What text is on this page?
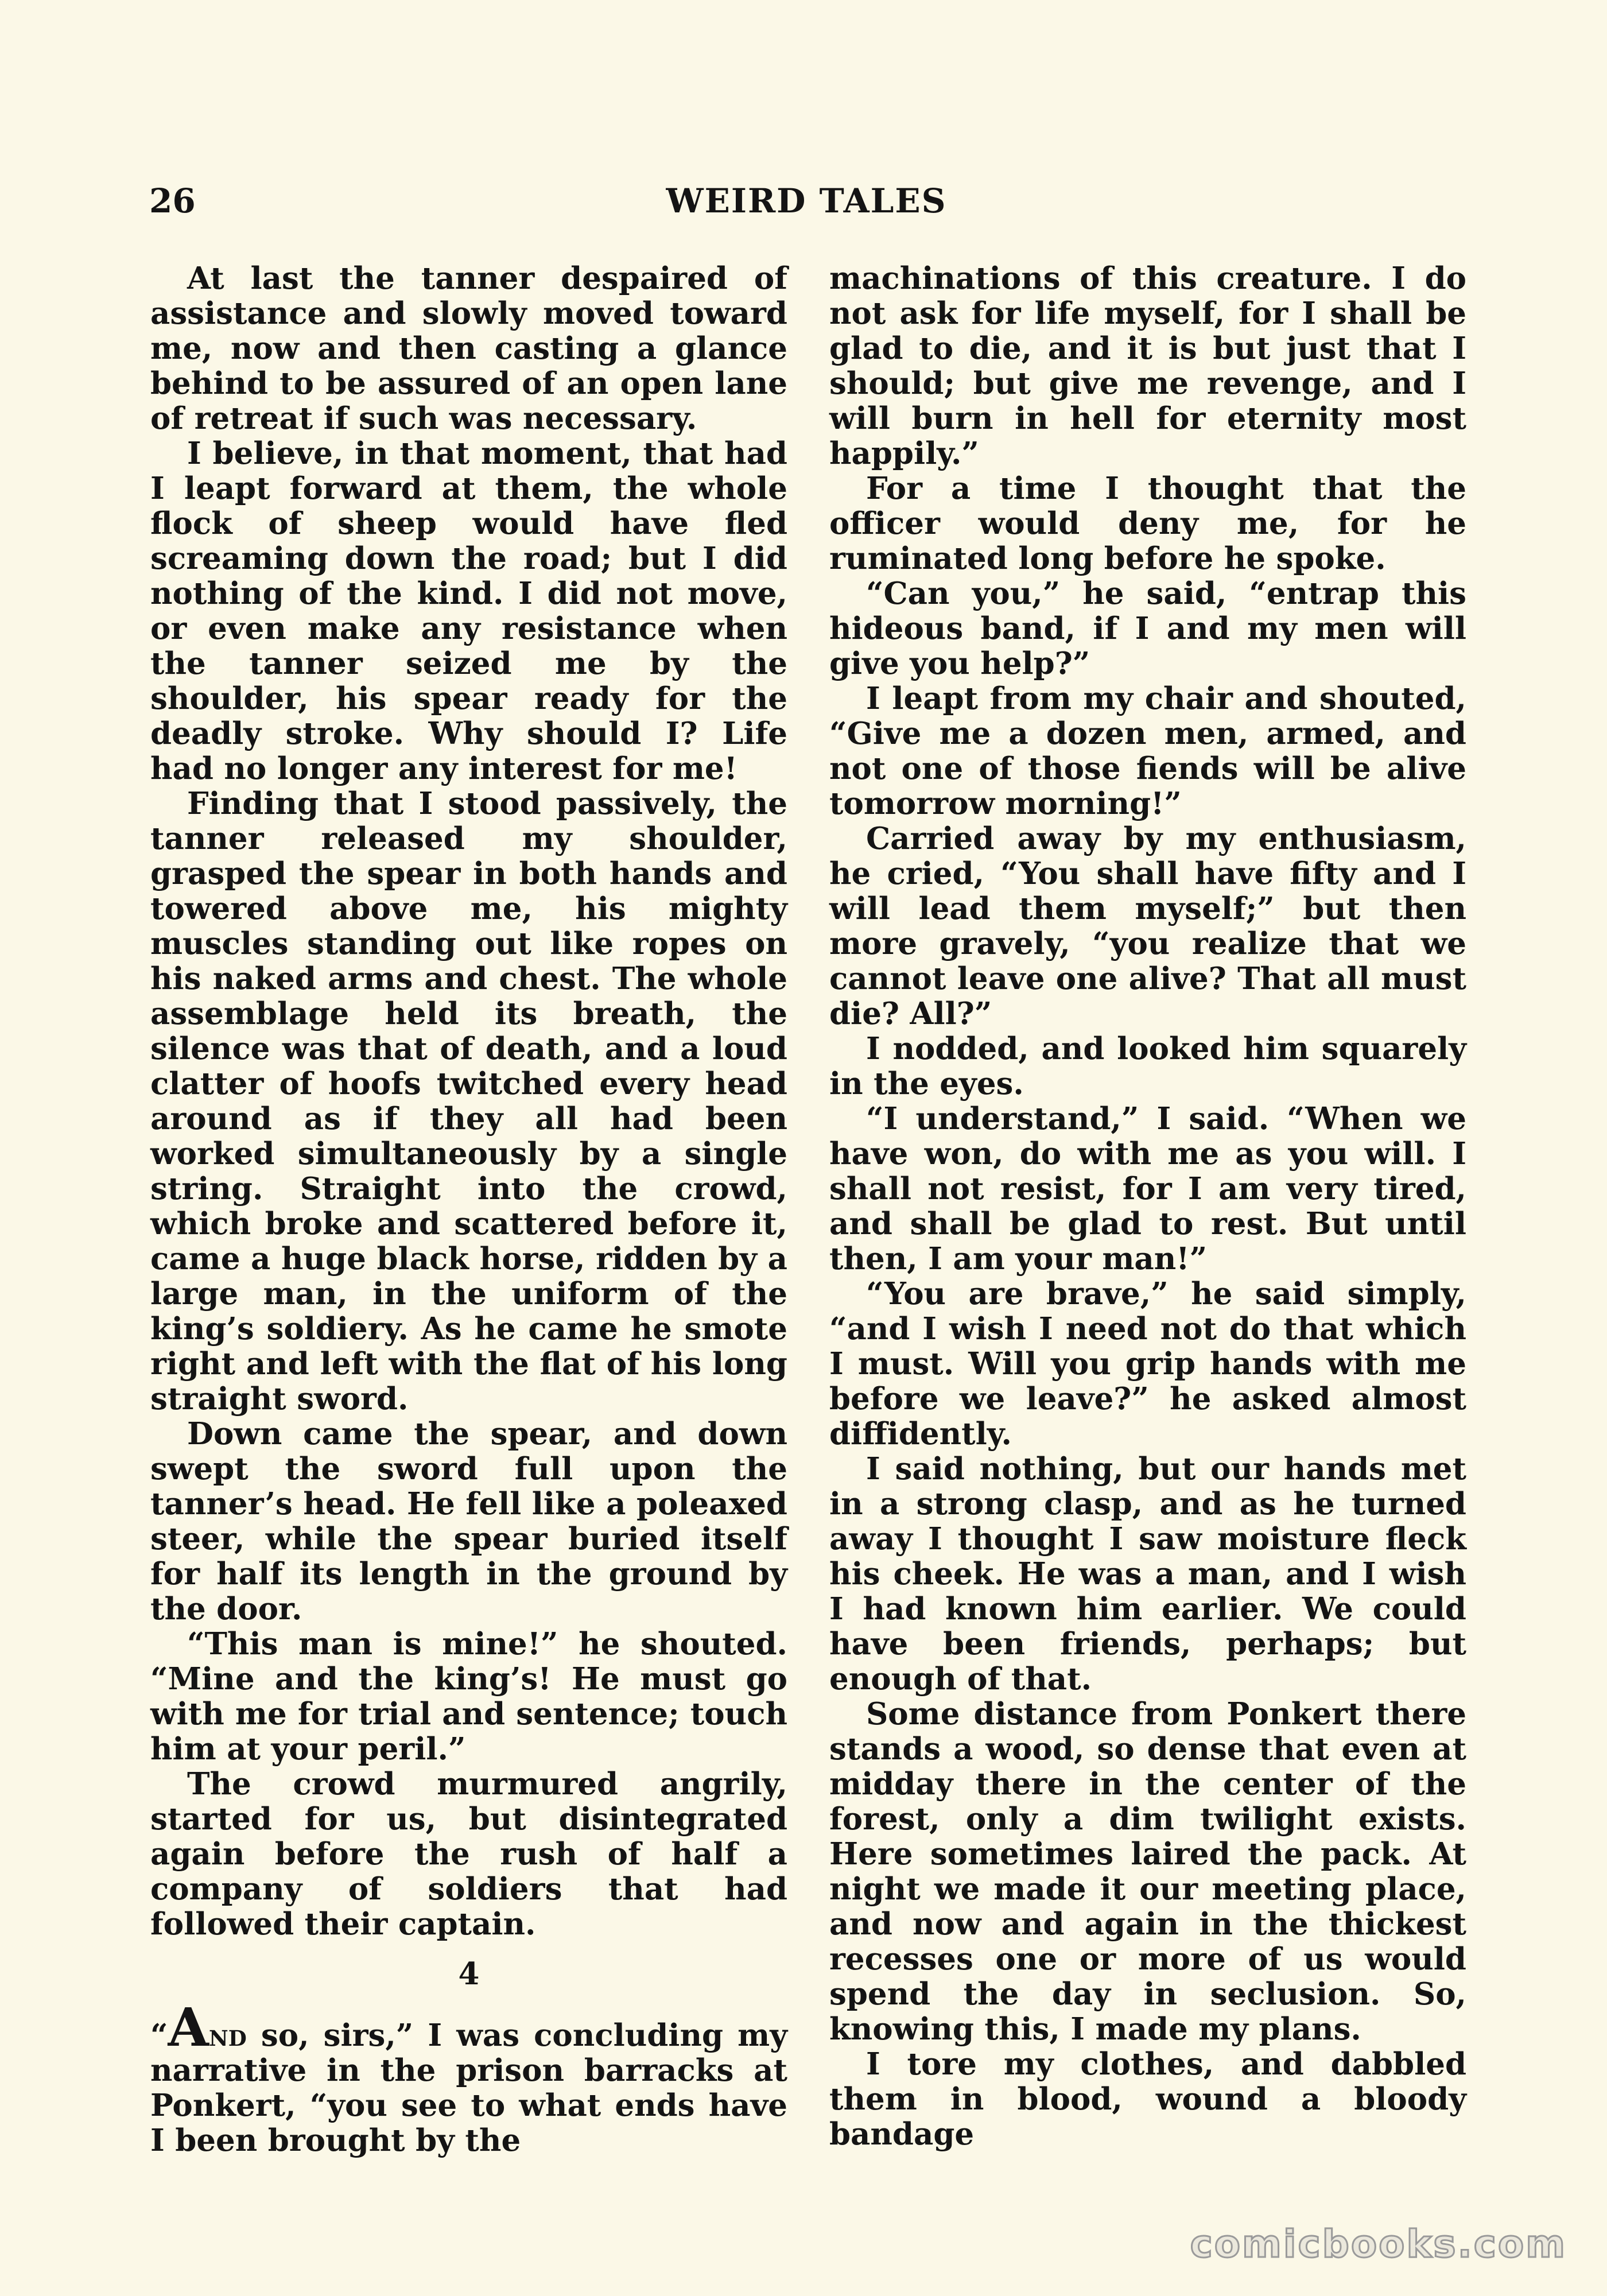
26	WEIRD TALES

At last the tanner despaired of assistance and slowly moved toward me, now and then casting a glance behind to be assured of an open lane of retreat if such was necessary.

I believe, in that moment, that had I leapt forward at them, the whole flock of sheep would have fled screaming down the road; but I did nothing of the kind. I did not move, or even make any resistance when the tanner seized me by the shoulder, his spear ready for the deadly stroke. Why should I? Life had no longer any interest for me!

Finding that I stood passively, the tanner released my shoulder, grasped the spear in both hands and towered above me, his mighty muscles standing out like ropes on his naked arms and chest. The whole assemblage held its breath, the silence was that of death, and a loud clatter of hoofs twitched every head around as if they all had been worked simultaneously by a single string. Straight into the crowd, which broke and scattered before it, came a huge black horse, ridden by a large man, in the uniform of the king’s soldiery. As he came he smote right and left with the flat of his long straight sword.

Down came the spear, and down swept the sword full upon the tanner’s head. He fell like a poleaxed steer, while the spear buried itself for half its length in the ground by the door.

“This man is mine!” he shouted. “Mine and the king’s! He must go with me for trial and sentence; touch him at your peril.”

The crowd murmured angrily, started for us, but disintegrated again before the rush of half a company of soldiers that had followed their captain.

4

“And so, sirs,” I was concluding my narrative in the prison barracks at Ponkert, “you see to what ends have I been brought by the

machinations of this creature. I do not ask for life myself, for I shall be glad to die, and it is but just that I should; but give me revenge, and I will burn in hell for eternity most happily.”

For a time I thought that the officer would deny me, for he ruminated long before he spoke.

“Can you,” he said, “entrap this hideous band, if I and my men will give you help?”

I leapt from my chair and shouted, “Give me a dozen men, armed, and not one of those fiends will be alive tomorrow morning!”

Carried away by my enthusiasm, he cried, “You shall have fifty and I will lead them myself;” but then more gravely, “you realize that we cannot leave one alive? That all must die? All?”

I nodded, and looked him squarely in the eyes.

“I understand,” I said. “When we have won, do with me as you will. I shall not resist, for I am very tired, and shall be glad to rest. But until then, I am your man!”

“You are brave,” he said simply, “and I wish I need not do that which I must. Will you grip hands with me before we leave?” he asked almost diffidently.

I said nothing, but our hands met in a strong clasp, and as he turned away I thought I saw moisture fleck his cheek. He was a man, and I wish I had known him earlier. We could have been friends, perhaps; but enough of that.

Some distance from Ponkert there stands a wood, so dense that even at midday there in the center of the forest, only a dim twilight exists. Here sometimes laired the pack. At night we made it our meeting place, and now and again in the thickest recesses one or more of us would spend the day in seclusion. So, knowing this, I made my plans.

I tore my clothes, and dabbled them in blood, wound a bloody bandage

comicbooks.com
